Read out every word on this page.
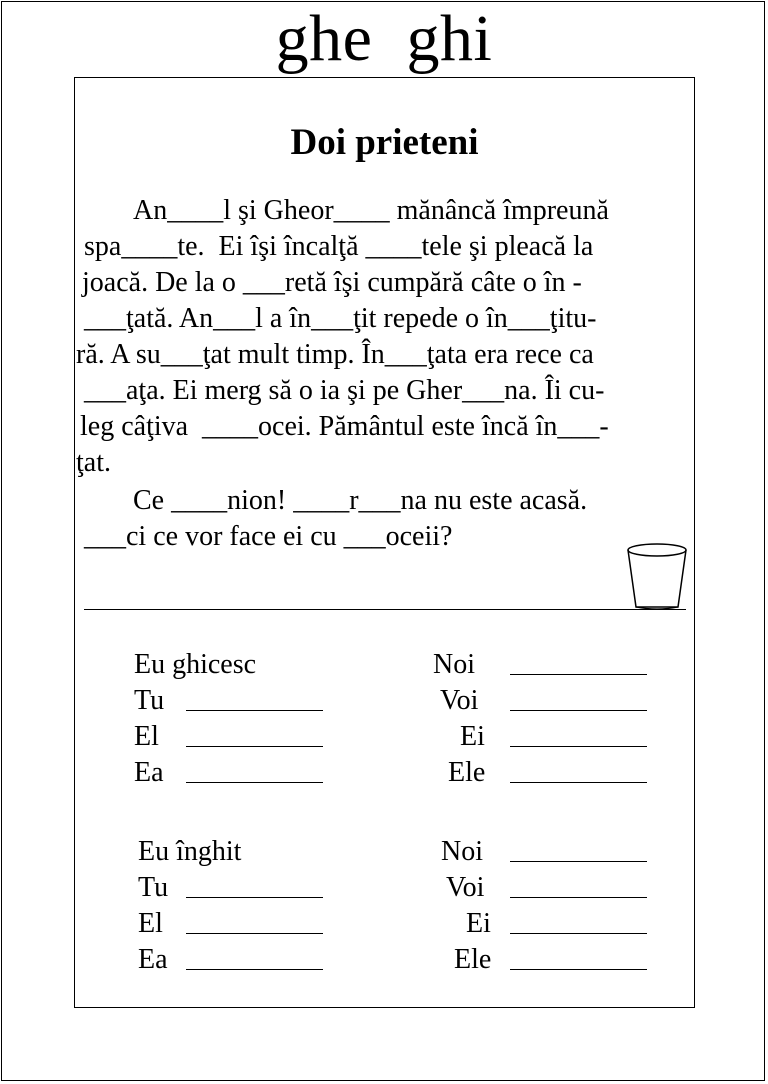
ghe  ghi
Doi prieteni
An____l şi Gheor____ mănâncă împreună
spa____te.  Ei îşi încalţă ____tele şi pleacă la
joacă. De la o ___retă îşi cumpără câte o în -
___ţată. An___l a în___ţit repede o în___ţitu-
ră. A su___ţat mult timp. În___ţata era rece ca
___aţa. Ei merg să o ia şi pe Gher___na. Îi cu-
leg câţiva  ____ocei. Pământul este încă în___-
ţat.
Ce ____nion! ____r___na nu este acasă.
___ci ce vor face ei cu ___oceii?
Eu ghicesc
Tu
El
Ea
Noi
Voi
Ei
Ele
Eu înghit
Tu
El
Ea
Noi
Voi
Ei
Ele
